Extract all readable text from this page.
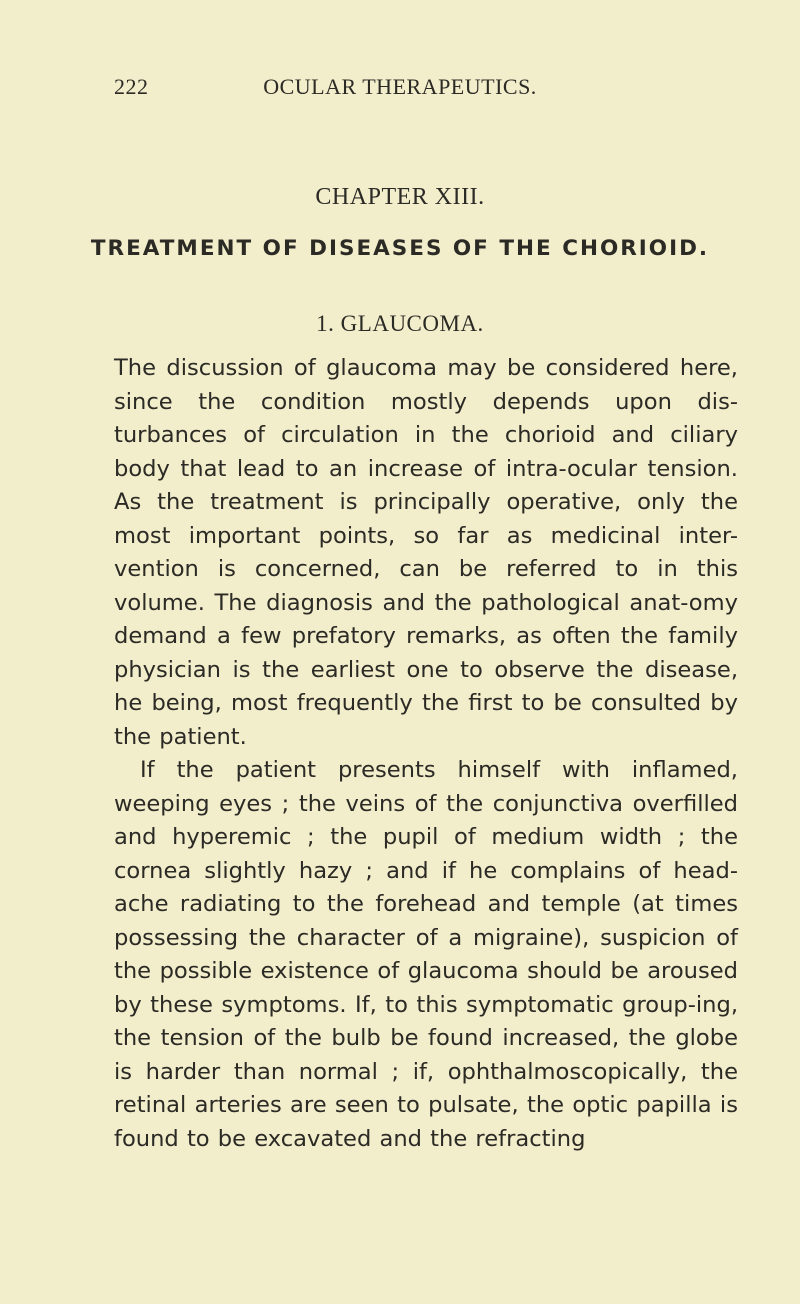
222	OCULAR THERAPEUTICS.
CHAPTER XIII.
TREATMENT OF DISEASES OF THE CHORIOID.
1. GLAUCOMA.

The discussion of glaucoma may be considered here, since the condition mostly depends upon dis-turbances of circulation in the chorioid and ciliary body that lead to an increase of intra-ocular tension. As the treatment is principally operative, only the most important points, so far as medicinal inter-vention is concerned, can be referred to in this volume. The diagnosis and the pathological anat-omy demand a few prefatory remarks, as often the family physician is the earliest one to observe the disease, he being, most frequently the first to be consulted by the patient.

If the patient presents himself with inflamed, weeping eyes ; the veins of the conjunctiva overfilled and hyperemic ; the pupil of medium width ; the cornea slightly hazy ; and if he complains of head-ache radiating to the forehead and temple (at times possessing the character of a migraine), suspicion of the possible existence of glaucoma should be aroused by these symptoms. If, to this symptomatic group-ing, the tension of the bulb be found increased, the globe is harder than normal ; if, ophthalmoscopically, the retinal arteries are seen to pulsate, the optic papilla is found to be excavated and the refracting
